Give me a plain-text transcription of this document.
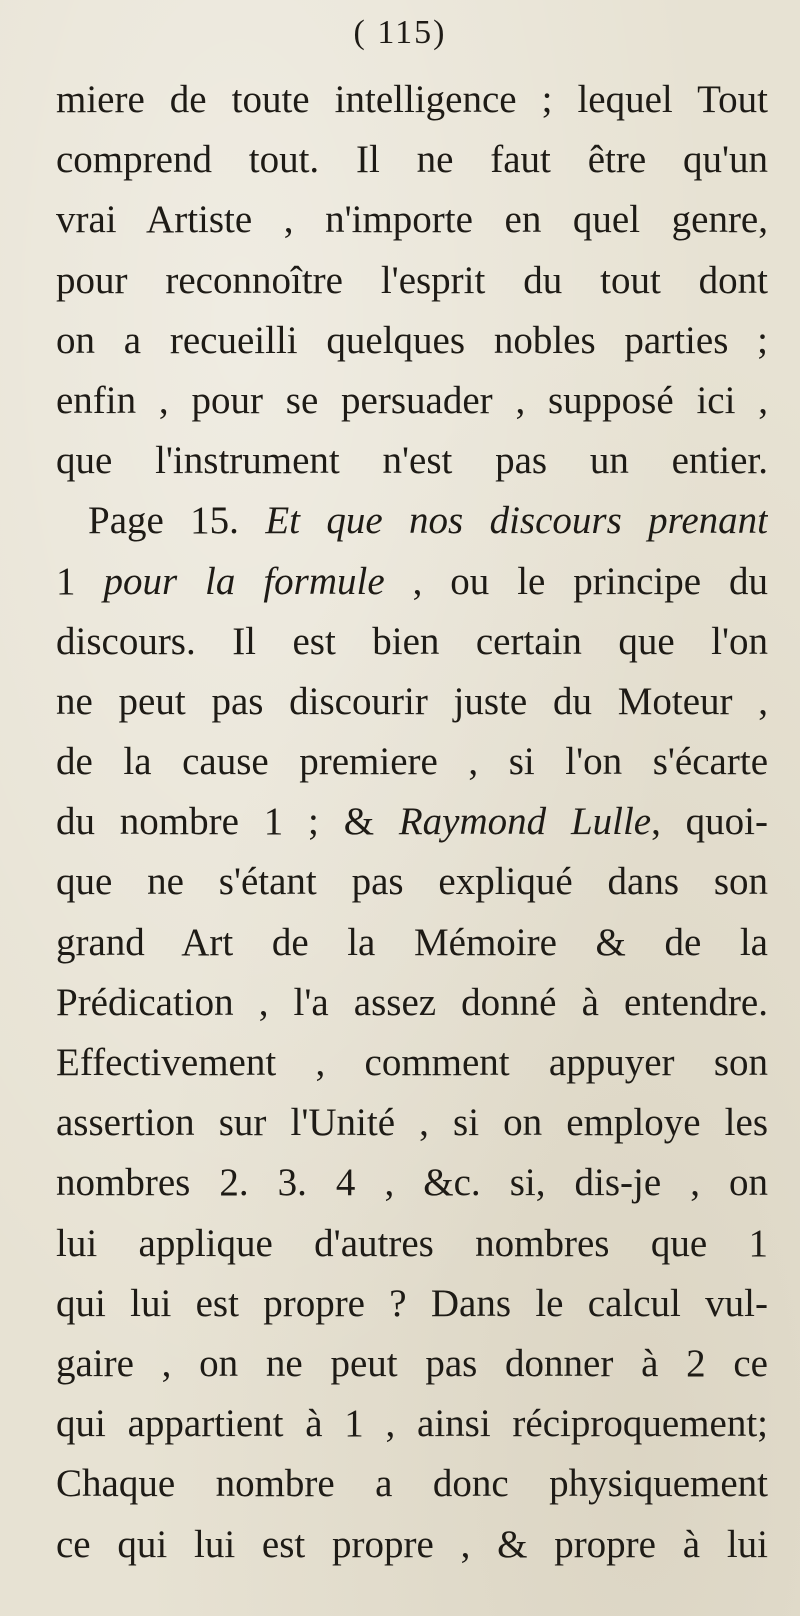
( 115)
miere de toute intelligence ; lequel Tout
comprend tout. Il ne faut être qu'un
vrai Artiste , n'importe en quel genre,
pour reconnoître l'esprit du tout dont
on a recueilli quelques nobles parties ;
enfin , pour se persuader , supposé ici ,
que l'instrument n'est pas un entier.
Page 15. Et que nos discours prenant
1 pour la formule , ou le principe du
discours. Il est bien certain que l'on
ne peut pas discourir juste du Moteur ,
de la cause premiere , si l'on s'écarte
du nombre 1 ; & Raymond Lulle, quoi-
que ne s'étant pas expliqué dans son
grand Art de la Mémoire & de la
Prédication , l'a assez donné à entendre.
Effectivement , comment appuyer son
assertion sur l'Unité , si on employe les
nombres 2. 3. 4 , &c. si, dis-je , on
lui applique d'autres nombres que 1
qui lui est propre ? Dans le calcul vul-
gaire , on ne peut pas donner à 2 ce
qui appartient à 1 , ainsi réciproquement;
Chaque nombre a donc physiquement
ce qui lui est propre , & propre à lui
